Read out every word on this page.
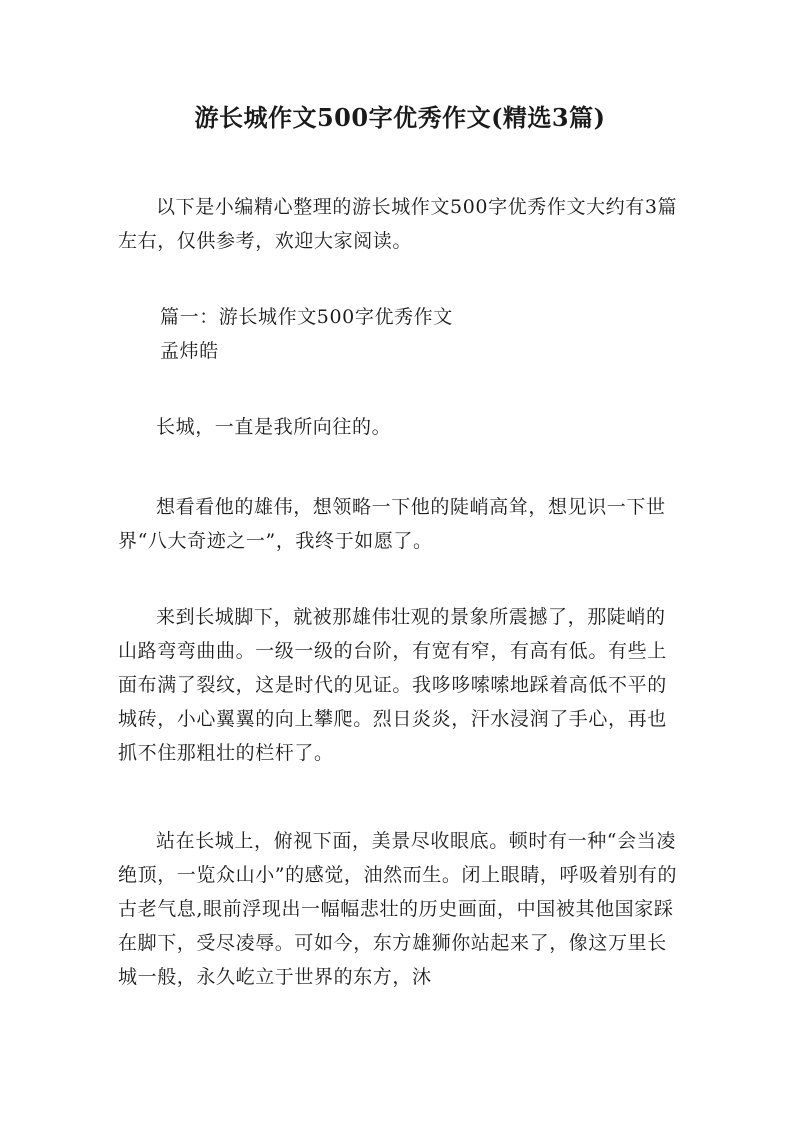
游长城作文500字优秀作文(精选3篇)

以下是小编精心整理的游长城作文500字优秀作文大约有3篇左右，仅供参考，欢迎大家阅读。

篇一：游长城作文500字优秀作文

孟炜皓

长城，一直是我所向往的。

想看看他的雄伟，想领略一下他的陡峭高耸，想见识一下世界“八大奇迹之一”，我终于如愿了。

来到长城脚下，就被那雄伟壮观的景象所震撼了，那陡峭的山路弯弯曲曲。一级一级的台阶，有宽有窄，有高有低。有些上面布满了裂纹，这是时代的见证。我哆哆嗦嗦地踩着高低不平的城砖，小心翼翼的向上攀爬。烈日炎炎，汗水浸润了手心，再也抓不住那粗壮的栏杆了。

站在长城上，俯视下面，美景尽收眼底。顿时有一种“会当凌绝顶，一览众山小”的感觉，油然而生。闭上眼睛，呼吸着别有的古老气息,眼前浮现出一幅幅悲壮的历史画面，中国被其他国家踩在脚下，受尽凌辱。可如今，东方雄狮你站起来了，像这万里长城一般，永久屹立于世界的东方，沐
